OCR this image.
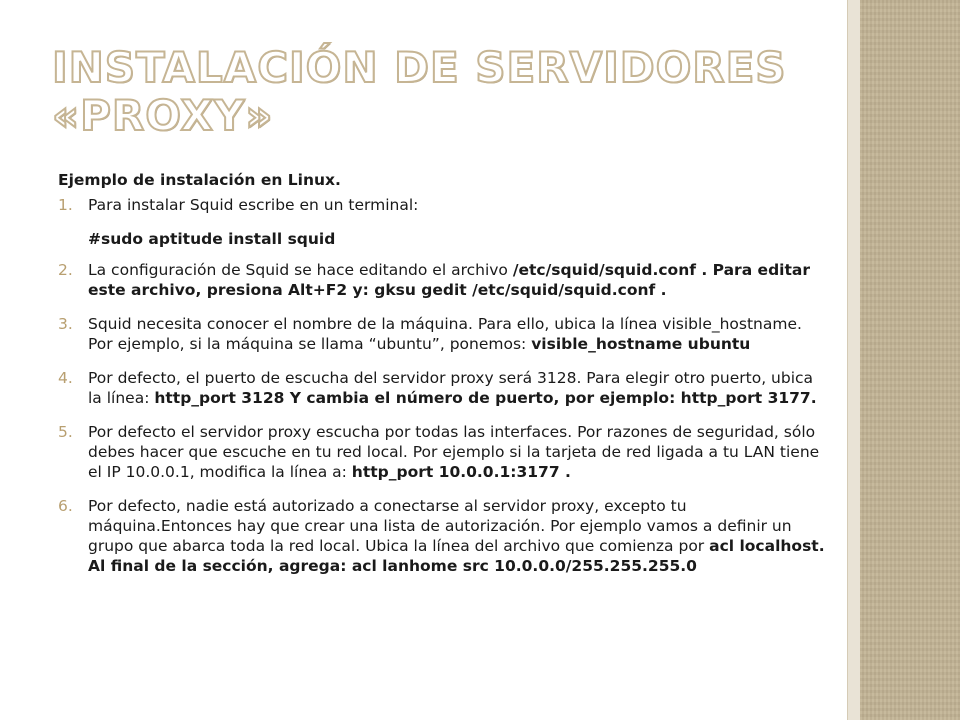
INSTALACIÓN DE SERVIDORES
«PROXY»

Ejemplo de instalación en Linux.

1. Para instalar Squid escribe en un terminal:
#sudo aptitude install squid
2. La configuración de Squid se hace editando el archivo /etc/squid/squid.conf . Para editar este archivo, presiona Alt+F2 y: gksu gedit /etc/squid/squid.conf .
3. Squid necesita conocer el nombre de la máquina. Para ello, ubica la línea visible_hostname. Por ejemplo, si la máquina se llama “ubuntu”, ponemos: visible_hostname ubuntu
4. Por defecto, el puerto de escucha del servidor proxy será 3128. Para elegir otro puerto, ubica la línea: http_port 3128 Y cambia el número de puerto, por ejemplo: http_port 3177.
5. Por defecto el servidor proxy escucha por todas las interfaces. Por razones de seguridad, sólo debes hacer que escuche en tu red local. Por ejemplo si la tarjeta de red ligada a tu LAN tiene el IP 10.0.0.1, modifica la línea a: http_port 10.0.0.1:3177 .
6. Por defecto, nadie está autorizado a conectarse al servidor proxy, excepto tu máquina.Entonces hay que crear una lista de autorización. Por ejemplo vamos a definir un grupo que abarca toda la red local. Ubica la línea del archivo que comienza por acl localhost. Al final de la sección, agrega: acl lanhome src 10.0.0.0/255.255.255.0
